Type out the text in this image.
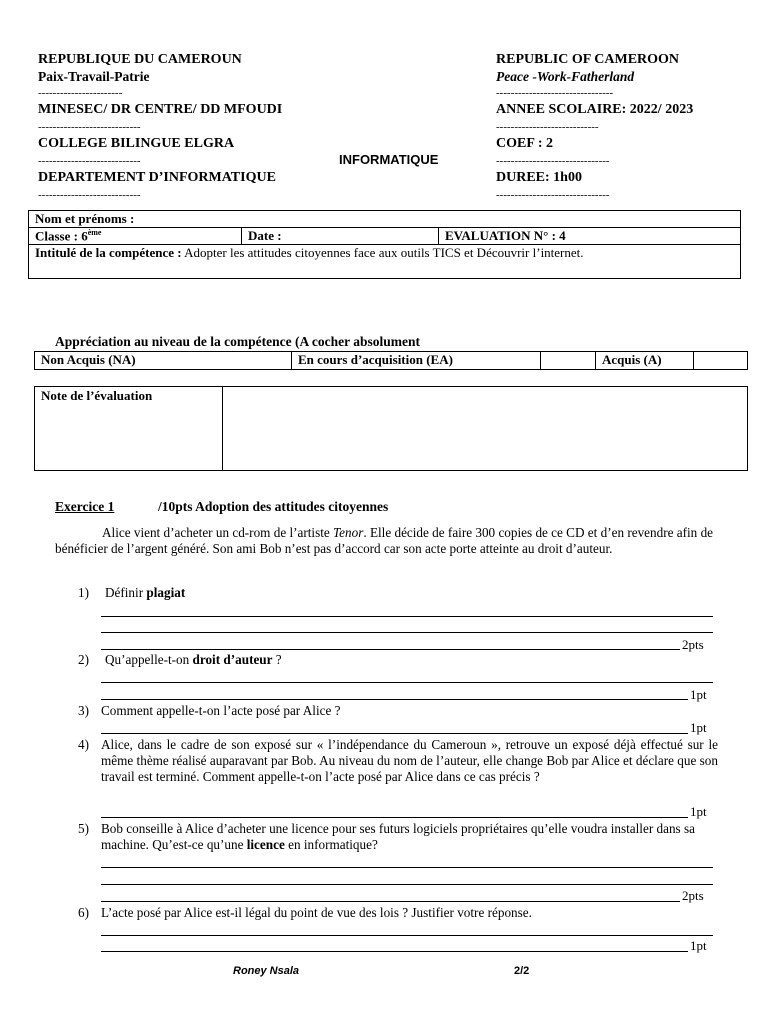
REPUBLIQUE DU CAMEROUN
Paix-Travail-Patrie
-----------------------
MINESEC/ DR CENTRE/ DD MFOUDI
----------------------------
COLLEGE BILINGUE ELGRA
----------------------------
DEPARTEMENT D’INFORMATIQUE
----------------------------
INFORMATIQUE
REPUBLIC OF CAMEROON
Peace -Work-Fatherland
--------------------------------
ANNEE SCOLAIRE: 2022/ 2023
----------------------------
COEF : 2
-------------------------------
DUREE: 1h00
-------------------------------
Nom et prénoms :
Classe : 6ème	Date :	EVALUATION N° : 4
Intitulé de la compétence : Adopter les attitudes citoyennes face aux outils TICS et Découvrir l’internet.
Appréciation au niveau de la compétence (A cocher absolument
Non Acquis (NA)	En cours d’acquisition (EA)		Acquis (A)	
Note de l’évaluation	
Exercice 1	/10pts Adoption des attitudes citoyennes
Alice vient d’acheter un cd-rom de l’artiste Tenor. Elle décide de faire 300 copies de ce CD et d’en revendre afin de bénéficier de l’argent généré. Son ami Bob n’est pas d’accord car son acte porte atteinte au droit d’auteur.
1) Définir plagiat
2pts
2) Qu’appelle-t-on droit d’auteur ?
1pt
3) Comment appelle-t-on l’acte posé par Alice ?
1pt
4) Alice, dans le cadre de son exposé sur « l’indépendance du Cameroun », retrouve un exposé déjà effectué sur le même thème réalisé auparavant par Bob. Au niveau du nom de l’auteur, elle change Bob par Alice et déclare que son travail est terminé. Comment appelle-t-on l’acte posé par Alice dans ce cas précis ?
1pt
5) Bob conseille à Alice d’acheter une licence pour ses futurs logiciels propriétaires qu’elle voudra installer dans sa machine. Qu’est-ce qu’une licence en informatique?
2pts
6) L’acte posé par Alice est-il légal du point de vue des lois ? Justifier votre réponse.
1pt
Roney Nsala	2/2
